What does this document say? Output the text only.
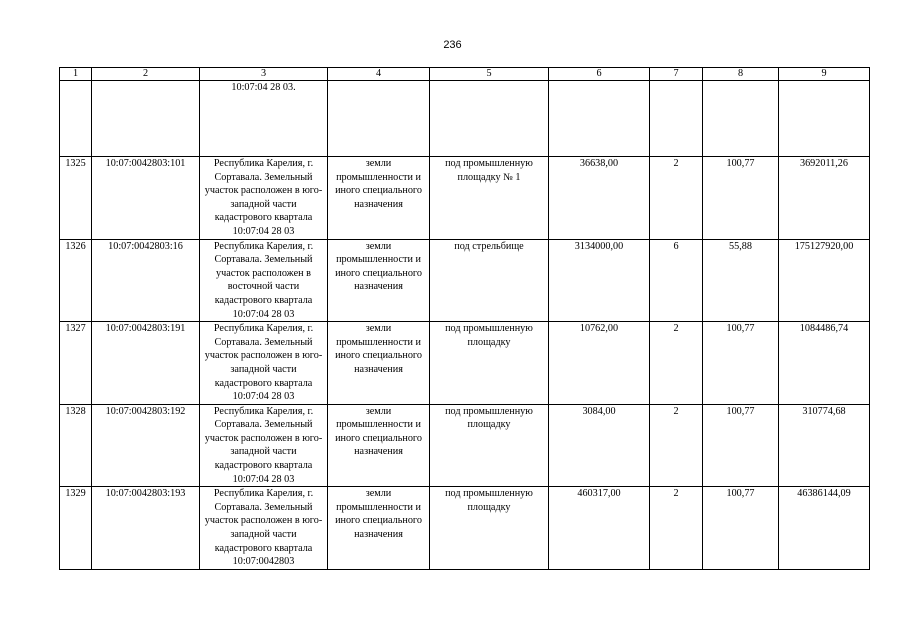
236
1	2	3	4	5	6	7	8	9
		10:07:04 28 03.						
1325	10:07:0042803:101	Республика Карелия, г. Сортавала. Земельный участок расположен в юго-западной части кадастрового квартала 10:07:04 28 03	земли промышленности и иного специального назначения	под промышленную площадку № 1	36638,00	2	100,77	3692011,26
1326	10:07:0042803:16	Республика Карелия, г. Сортавала. Земельный участок расположен в восточной части кадастрового квартала 10:07:04 28 03	земли промышленности и иного специального назначения	под стрельбище	3134000,00	6	55,88	175127920,00
1327	10:07:0042803:191	Республика Карелия, г. Сортавала. Земельный участок расположен в юго-западной части кадастрового квартала 10:07:04 28 03	земли промышленности и иного специального назначения	под промышленную площадку	10762,00	2	100,77	1084486,74
1328	10:07:0042803:192	Республика Карелия, г. Сортавала. Земельный участок расположен в юго-западной части кадастрового квартала 10:07:04 28 03	земли промышленности и иного специального назначения	под промышленную площадку	3084,00	2	100,77	310774,68
1329	10:07:0042803:193	Республика Карелия, г. Сортавала. Земельный участок расположен в юго-западной части кадастрового квартала 10:07:0042803	земли промышленности и иного специального назначения	под промышленную площадку	460317,00	2	100,77	46386144,09
